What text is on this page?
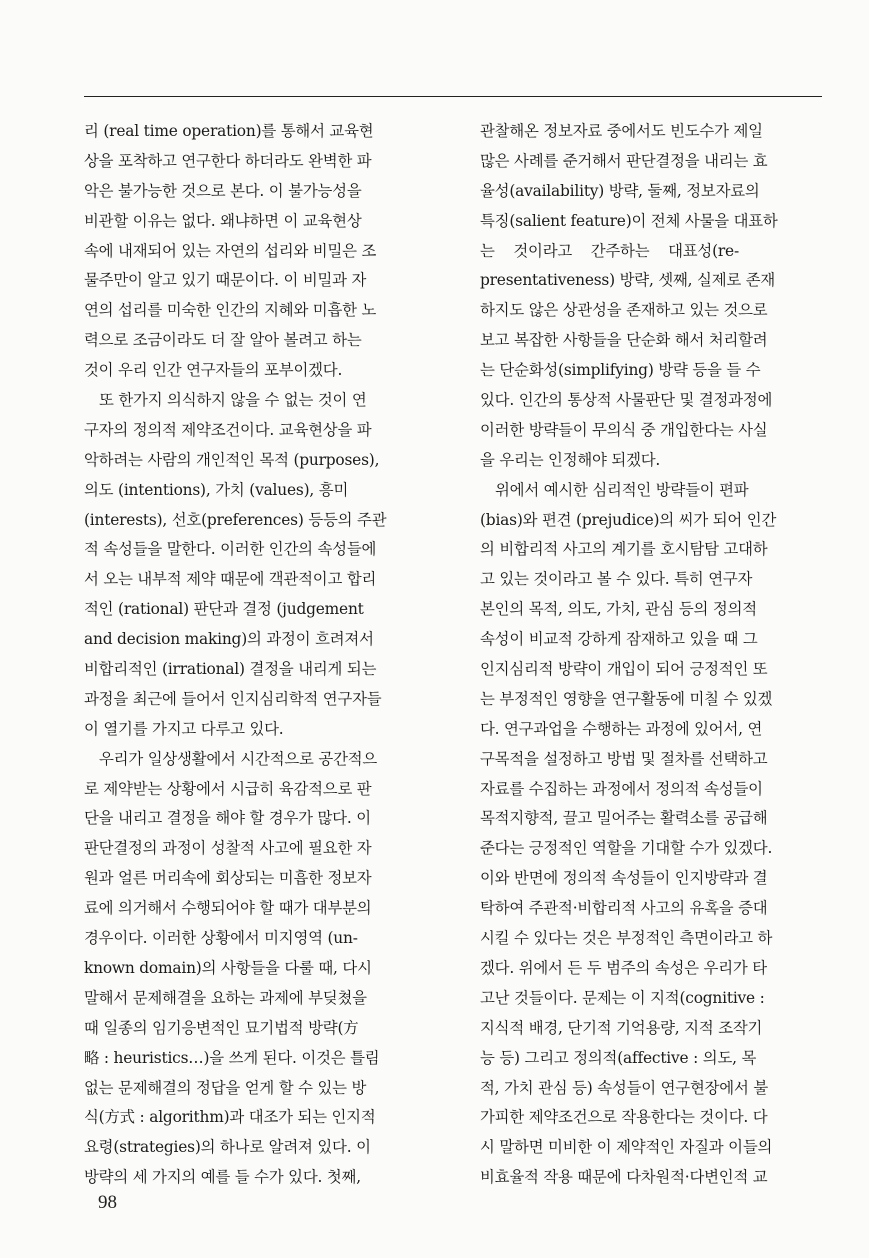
리 (real time operation)를 통해서 교육현
상을 포착하고 연구한다 하더라도 완벽한 파
악은 불가능한 것으로 본다. 이 불가능성을
비관할 이유는 없다. 왜냐하면 이 교육현상
속에 내재되어 있는 자연의 섭리와 비밀은 조
물주만이 알고 있기 때문이다. 이 비밀과 자
연의 섭리를 미숙한 인간의 지혜와 미흡한 노
력으로 조금이라도 더 잘 알아 볼려고 하는
것이 우리 인간 연구자들의 포부이겠다.
또 한가지 의식하지 않을 수 없는 것이 연
구자의 정의적 제약조건이다. 교육현상을 파
악하려는 사람의 개인적인 목적 (purposes),
의도 (intentions), 가치 (values), 흥미
(interests), 선호(preferences) 등등의 주관
적 속성들을 말한다. 이러한 인간의 속성들에
서 오는 내부적 제약 때문에 객관적이고 합리
적인 (rational) 판단과 결정 (judgement
and decision making)의 과정이 흐려져서
비합리적인 (irrational) 결정을 내리게 되는
과정을 최근에 들어서 인지심리학적 연구자들
이 열기를 가지고 다루고 있다.
우리가 일상생활에서 시간적으로 공간적으
로 제약받는 상황에서 시급히 육감적으로 판
단을 내리고 결정을 해야 할 경우가 많다. 이
판단결정의 과정이 성찰적 사고에 필요한 자
원과 얼른 머리속에 회상되는 미흡한 정보자
료에 의거해서 수행되어야 할 때가 대부분의
경우이다. 이러한 상황에서 미지영역 (un-
known domain)의 사항들을 다룰 때, 다시
말해서 문제해결을 요하는 과제에 부딪쳤을
때 일종의 임기응변적인 묘기법적 방략(方
略 : heuristics…)을 쓰게 된다. 이것은 틀림
없는 문제해결의 정답을 얻게 할 수 있는 방
식(方式 : algorithm)과 대조가 되는 인지적
요령(strategies)의 하나로 알려져 있다. 이
방략의 세 가지의 예를 들 수가 있다. 첫째,
관찰해온 정보자료 중에서도 빈도수가 제일
많은 사례를 준거해서 판단결정을 내리는 효
율성(availability) 방략, 둘째, 정보자료의
특징(salient feature)이 전체 사물을 대표하
는 것이라고 간주하는 대표성(re-
presentativeness) 방략, 셋째, 실제로 존재
하지도 않은 상관성을 존재하고 있는 것으로
보고 복잡한 사항들을 단순화 해서 처리할려
는 단순화성(simplifying) 방략 등을 들 수
있다. 인간의 통상적 사물판단 및 결정과정에
이러한 방략들이 무의식 중 개입한다는 사실
을 우리는 인정해야 되겠다.
위에서 예시한 심리적인 방략들이 편파
(bias)와 편견 (prejudice)의 씨가 되어 인간
의 비합리적 사고의 계기를 호시탐탐 고대하
고 있는 것이라고 볼 수 있다. 특히 연구자
본인의 목적, 의도, 가치, 관심 등의 정의적
속성이 비교적 강하게 잠재하고 있을 때 그
인지심리적 방략이 개입이 되어 긍정적인 또
는 부정적인 영향을 연구활동에 미칠 수 있겠
다. 연구과업을 수행하는 과정에 있어서, 연
구목적을 설정하고 방법 및 절차를 선택하고
자료를 수집하는 과정에서 정의적 속성들이
목적지향적, 끌고 밀어주는 활력소를 공급해
준다는 긍정적인 역할을 기대할 수가 있겠다.
이와 반면에 정의적 속성들이 인지방략과 결
탁하여 주관적·비합리적 사고의 유혹을 증대
시킬 수 있다는 것은 부정적인 측면이라고 하
겠다. 위에서 든 두 범주의 속성은 우리가 타
고난 것들이다. 문제는 이 지적(cognitive :
지식적 배경, 단기적 기억용량, 지적 조작기
능 등) 그리고 정의적(affective : 의도, 목
적, 가치 관심 등) 속성들이 연구현장에서 불
가피한 제약조건으로 작용한다는 것이다. 다
시 말하면 미비한 이 제약적인 자질과 이들의
비효율적 작용 때문에 다차원적·다변인적 교
98
